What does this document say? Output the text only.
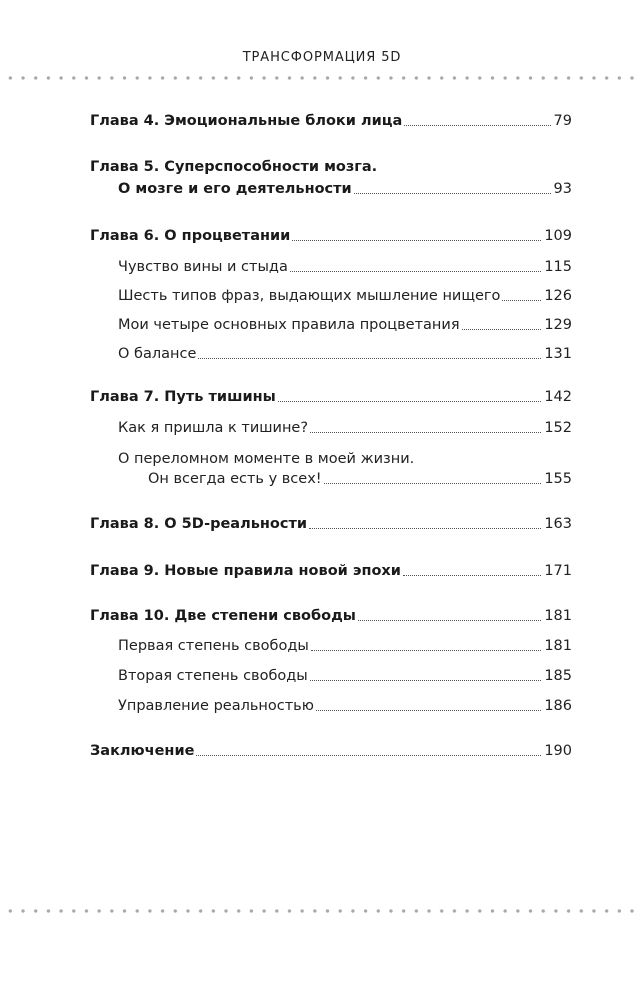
ТРАНСФОРМАЦИЯ 5D
Глава 4. Эмоциональные блоки лица	79
Глава 5. Суперспособности мозга.
О мозге и его деятельности	93
Глава 6. О процветании	109
Чувство вины и стыда	115
Шесть типов фраз, выдающих мышление нищего	126
Мои четыре основных правила процветания	129
О балансе	131
Глава 7. Путь тишины	142
Как я пришла к тишине?	152
О переломном моменте в моей жизни.
Он всегда есть у всех!	155
Глава 8. О 5D-реальности	163
Глава 9. Новые правила новой эпохи	171
Глава 10. Две степени свободы	181
Первая степень свободы	181
Вторая степень свободы	185
Управление реальностью	186
Заключение	190
